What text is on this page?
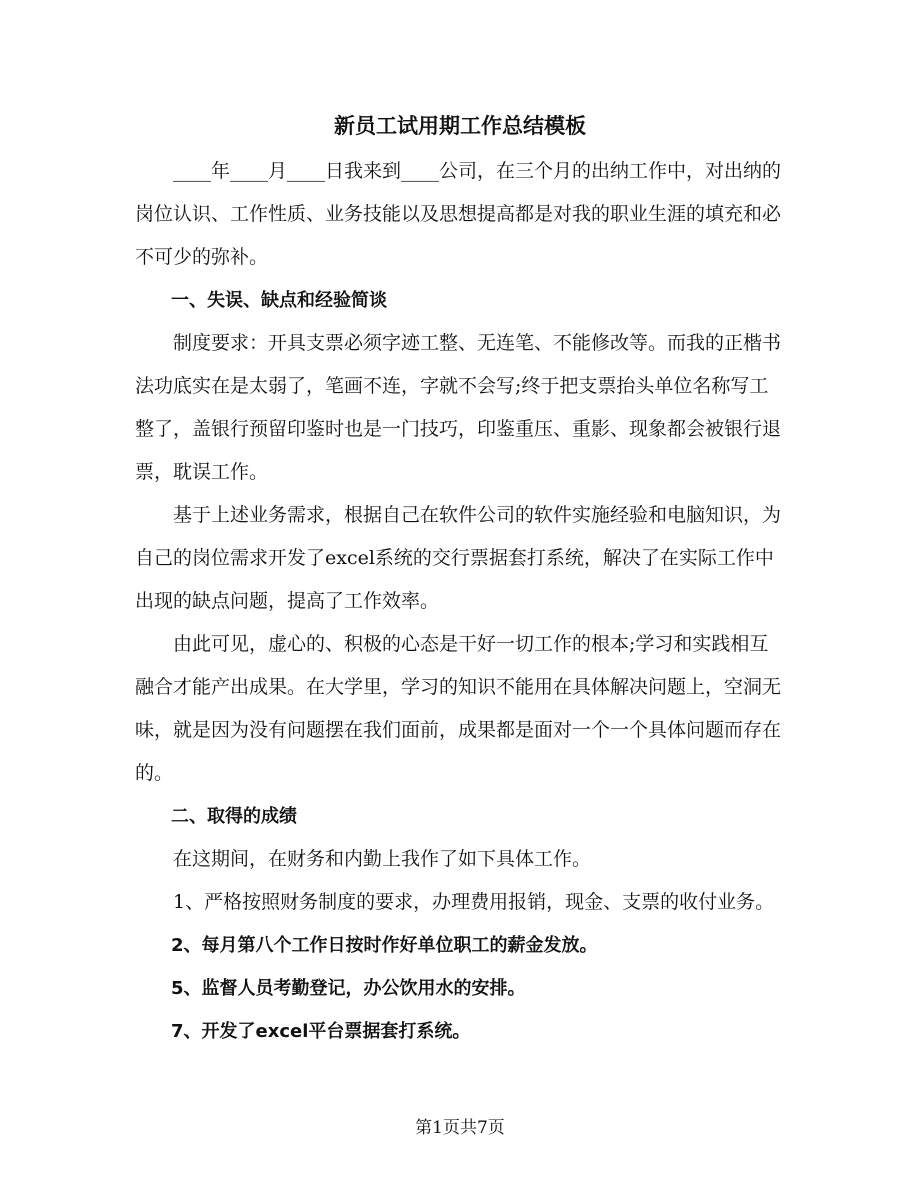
新员工试用期工作总结模板

____年____月____日我来到____公司，在三个月的出纳工作中，对出纳的岗位认识、工作性质、业务技能以及思想提高都是对我的职业生涯的填充和必不可少的弥补。

一、失误、缺点和经验简谈

制度要求：开具支票必须字迹工整、无连笔、不能修改等。而我的正楷书法功底实在是太弱了，笔画不连，字就不会写;终于把支票抬头单位名称写工整了，盖银行预留印鉴时也是一门技巧，印鉴重压、重影、现象都会被银行退票，耽误工作。

基于上述业务需求，根据自己在软件公司的软件实施经验和电脑知识，为自己的岗位需求开发了excel系统的交行票据套打系统，解决了在实际工作中出现的缺点问题，提高了工作效率。

由此可见，虚心的、积极的心态是干好一切工作的根本;学习和实践相互融合才能产出成果。在大学里，学习的知识不能用在具体解决问题上，空洞无味，就是因为没有问题摆在我们面前，成果都是面对一个一个具体问题而存在的。

二、取得的成绩

在这期间，在财务和内勤上我作了如下具体工作。

1、严格按照财务制度的要求，办理费用报销，现金、支票的收付业务。

2、每月第八个工作日按时作好单位职工的薪金发放。

5、监督人员考勤登记，办公饮用水的安排。

7、开发了excel平台票据套打系统。

第1页共7页
